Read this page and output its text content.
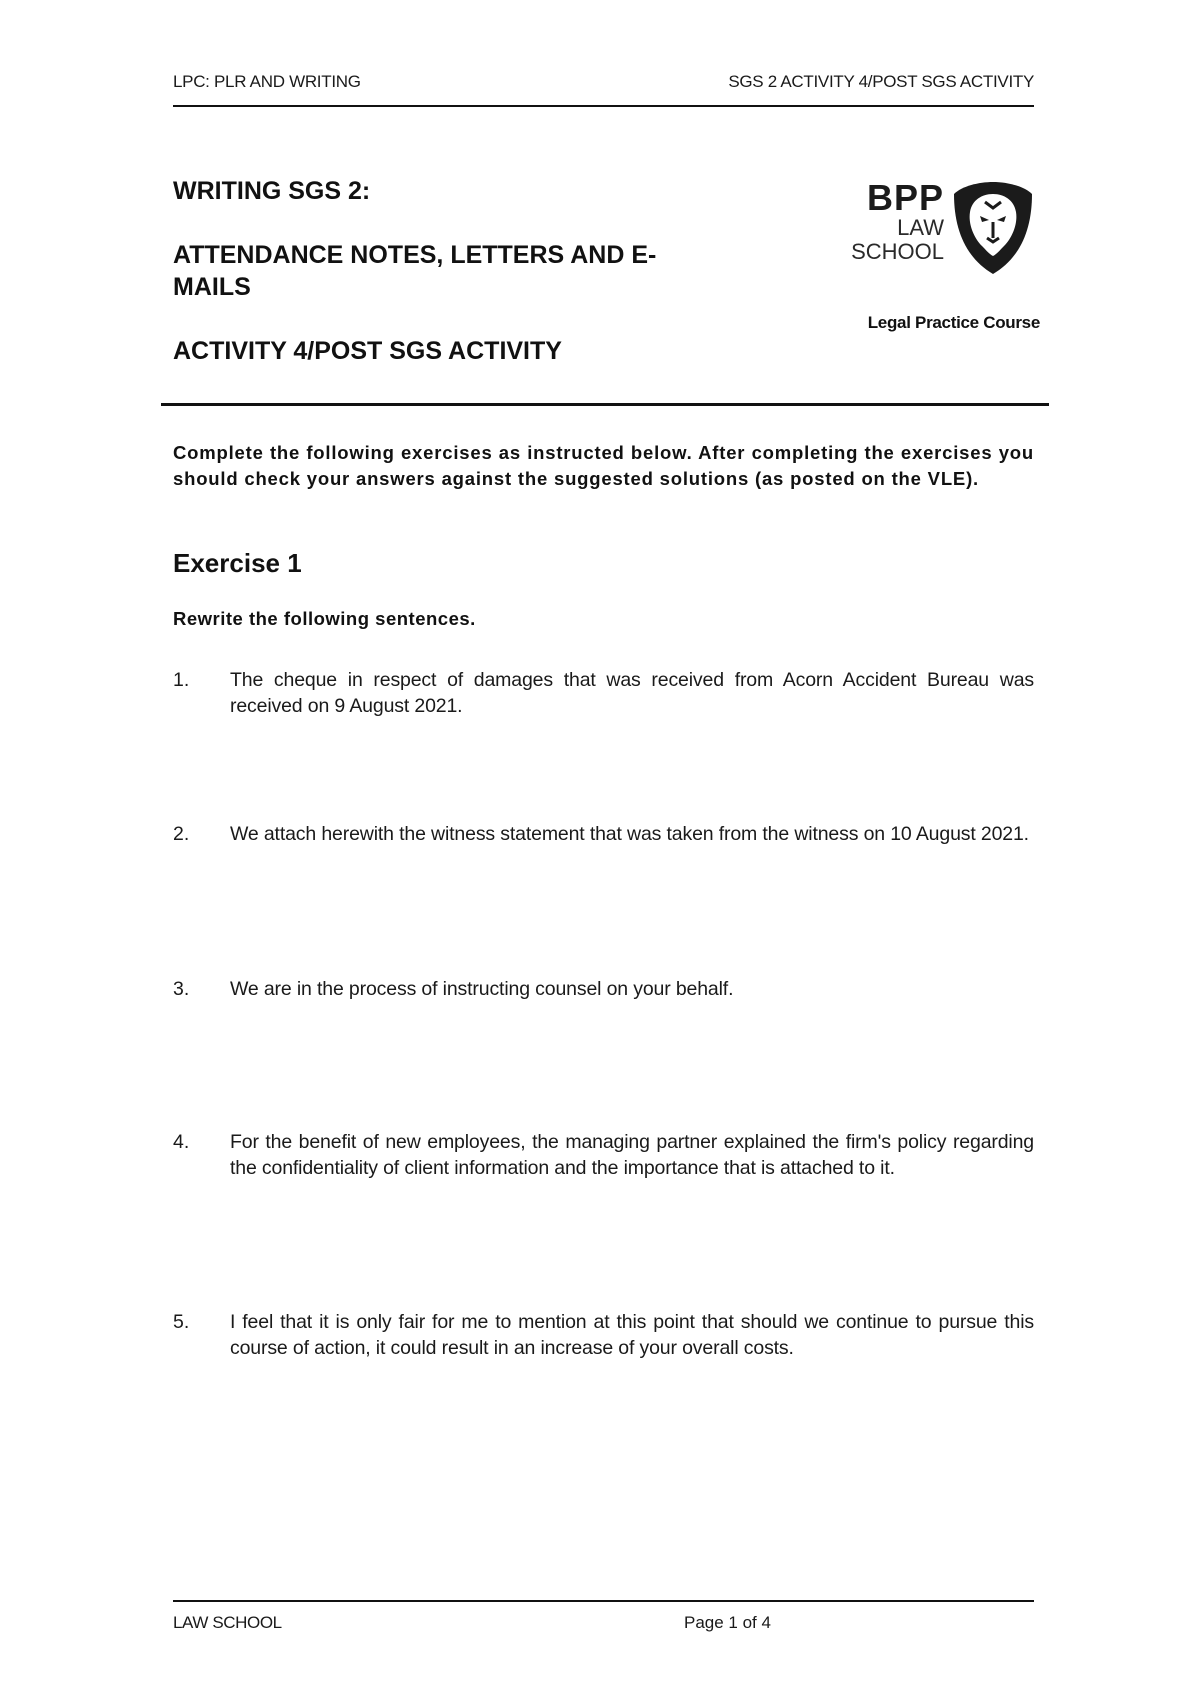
LPC: PLR AND WRITING	SGS 2 ACTIVITY 4/POST SGS ACTIVITY
WRITING SGS 2:
ATTENDANCE NOTES, LETTERS AND E-MAILS
ACTIVITY 4/POST SGS ACTIVITY
BPP
LAW
SCHOOL
Legal Practice Course

Complete the following exercises as instructed below. After completing the exercises you should check your answers against the suggested solutions (as posted on the VLE).

Exercise 1

Rewrite the following sentences.

1.	The cheque in respect of damages that was received from Acorn Accident Bureau was received on 9 August 2021.
2.	We attach herewith the witness statement that was taken from the witness on 10 August 2021.
3.	We are in the process of instructing counsel on your behalf.
4.	For the benefit of new employees, the managing partner explained the firm's policy regarding the confidentiality of client information and the importance that is attached to it.
5.	I feel that it is only fair for me to mention at this point that should we continue to pursue this course of action, it could result in an increase of your overall costs.
LAW SCHOOL	Page 1 of 4
